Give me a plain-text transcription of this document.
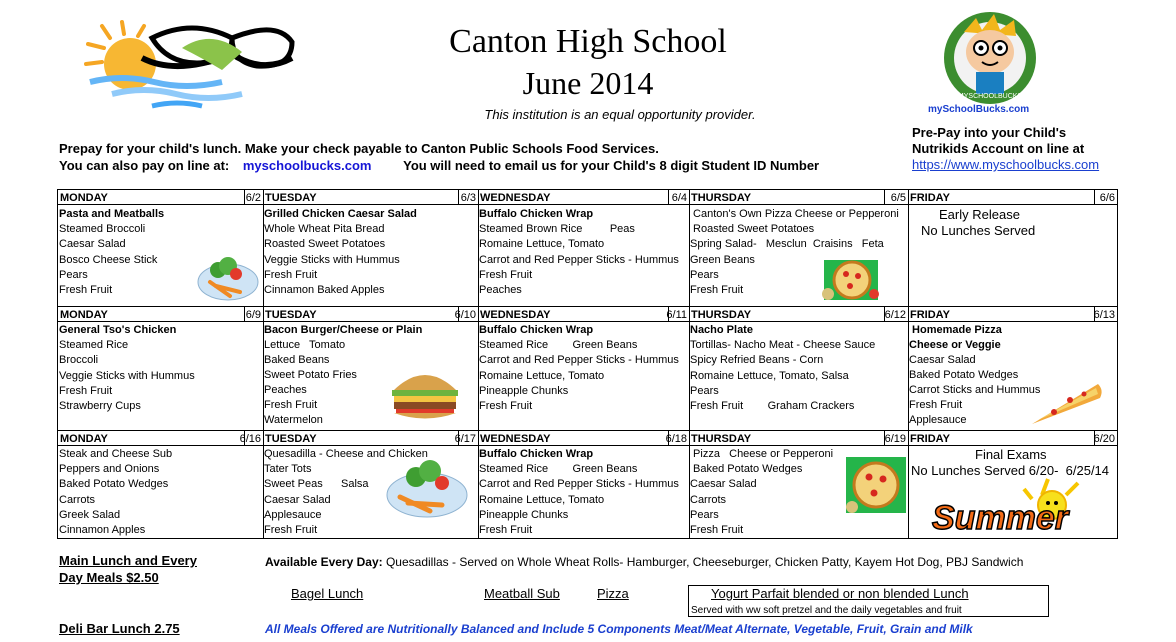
Canton High School
June 2014
This institution is an equal opportunity provider.
MYSCHOOLBUCKS
mySchoolBucks.com
Prepay for your child's lunch. Make your check payable to Canton Public Schools Food Services.
You can also pay on line at: myschoolbucks.com You will need to email us for your Child's 8 digit Student ID Number
Pre-Pay into your Child's
Nutrikids Account on line at
https://www.myschoolbucks.com
MONDAY	6/2
Pasta and Meatballs
Steamed Broccoli
Caesar Salad
Bosco Cheese Stick
Pears
Fresh Fruit
TUESDAY	6/3
Grilled Chicken Caesar Salad
Whole Wheat Pita Bread
Roasted Sweet Potatoes
Veggie Sticks with Hummus
Fresh Fruit
Cinnamon Baked Apples
WEDNESDAY	6/4
Buffalo Chicken Wrap
Steamed Brown Rice         Peas
Romaine Lettuce, Tomato
Carrot and Red Pepper Sticks - Hummus
Fresh Fruit
Peaches
THURSDAY	6/5
Canton's Own Pizza Cheese or Pepperoni
Roasted Sweet Potatoes
Spring Salad-   Mesclun  Craisins   Feta
Green Beans
Pears
Fresh Fruit
FRIDAY	6/6
Early Release
No Lunches Served
MONDAY	6/9
General Tso's Chicken
Steamed Rice
Broccoli
Veggie Sticks with Hummus
Fresh Fruit
Strawberry Cups
TUESDAY	6/10
Bacon Burger/Cheese or Plain
Lettuce   Tomato
Baked Beans
Sweet Potato Fries
Peaches
Fresh Fruit
Watermelon
WEDNESDAY	6/11
Buffalo Chicken Wrap
Steamed Rice        Green Beans
Carrot and Red Pepper Sticks - Hummus
Romaine Lettuce, Tomato
Pineapple Chunks
Fresh Fruit
THURSDAY	6/12
Nacho Plate
Tortillas- Nacho Meat - Cheese Sauce
Spicy Refried Beans - Corn
Romaine Lettuce, Tomato, Salsa
Pears
Fresh Fruit        Graham Crackers
FRIDAY	6/13
Homemade Pizza
Cheese or Veggie
Caesar Salad
Baked Potato Wedges
Carrot Sticks and Hummus
Fresh Fruit
Applesauce
MONDAY	6/16
Steak and Cheese Sub
Peppers and Onions
Baked Potato Wedges
Carrots
Greek Salad
Cinnamon Apples
TUESDAY	6/17
Quesadilla - Cheese and Chicken
Tater Tots
Sweet Peas      Salsa
Caesar Salad
Applesauce
Fresh Fruit
WEDNESDAY	6/18
Buffalo Chicken Wrap
Steamed Rice        Green Beans
Carrot and Red Pepper Sticks - Hummus
Romaine Lettuce, Tomato
Pineapple Chunks
Fresh Fruit
THURSDAY	6/19
Pizza   Cheese or Pepperoni
Baked Potato Wedges
Caesar Salad
Carrots
Pears
Fresh Fruit
FRIDAY	6/20
Final Exams
No Lunches Served 6/20-  6/25/14
Summer
Main Lunch and Every
Day Meals $2.50
Available Every Day: Quesadillas - Served on Whole Wheat Rolls- Hamburger, Cheeseburger, Chicken Patty, Kayem Hot Dog, PBJ Sandwich
Bagel Lunch	Meatball Sub	Pizza	Yogurt Parfait blended or non blended Lunch
Served with ww soft pretzel and the daily vegetables and fruit
Deli Bar Lunch 2.75	All Meals Offered are Nutritionally Balanced and Include 5 Components Meat/Meat Alternate, Vegetable, Fruit, Grain and Milk
